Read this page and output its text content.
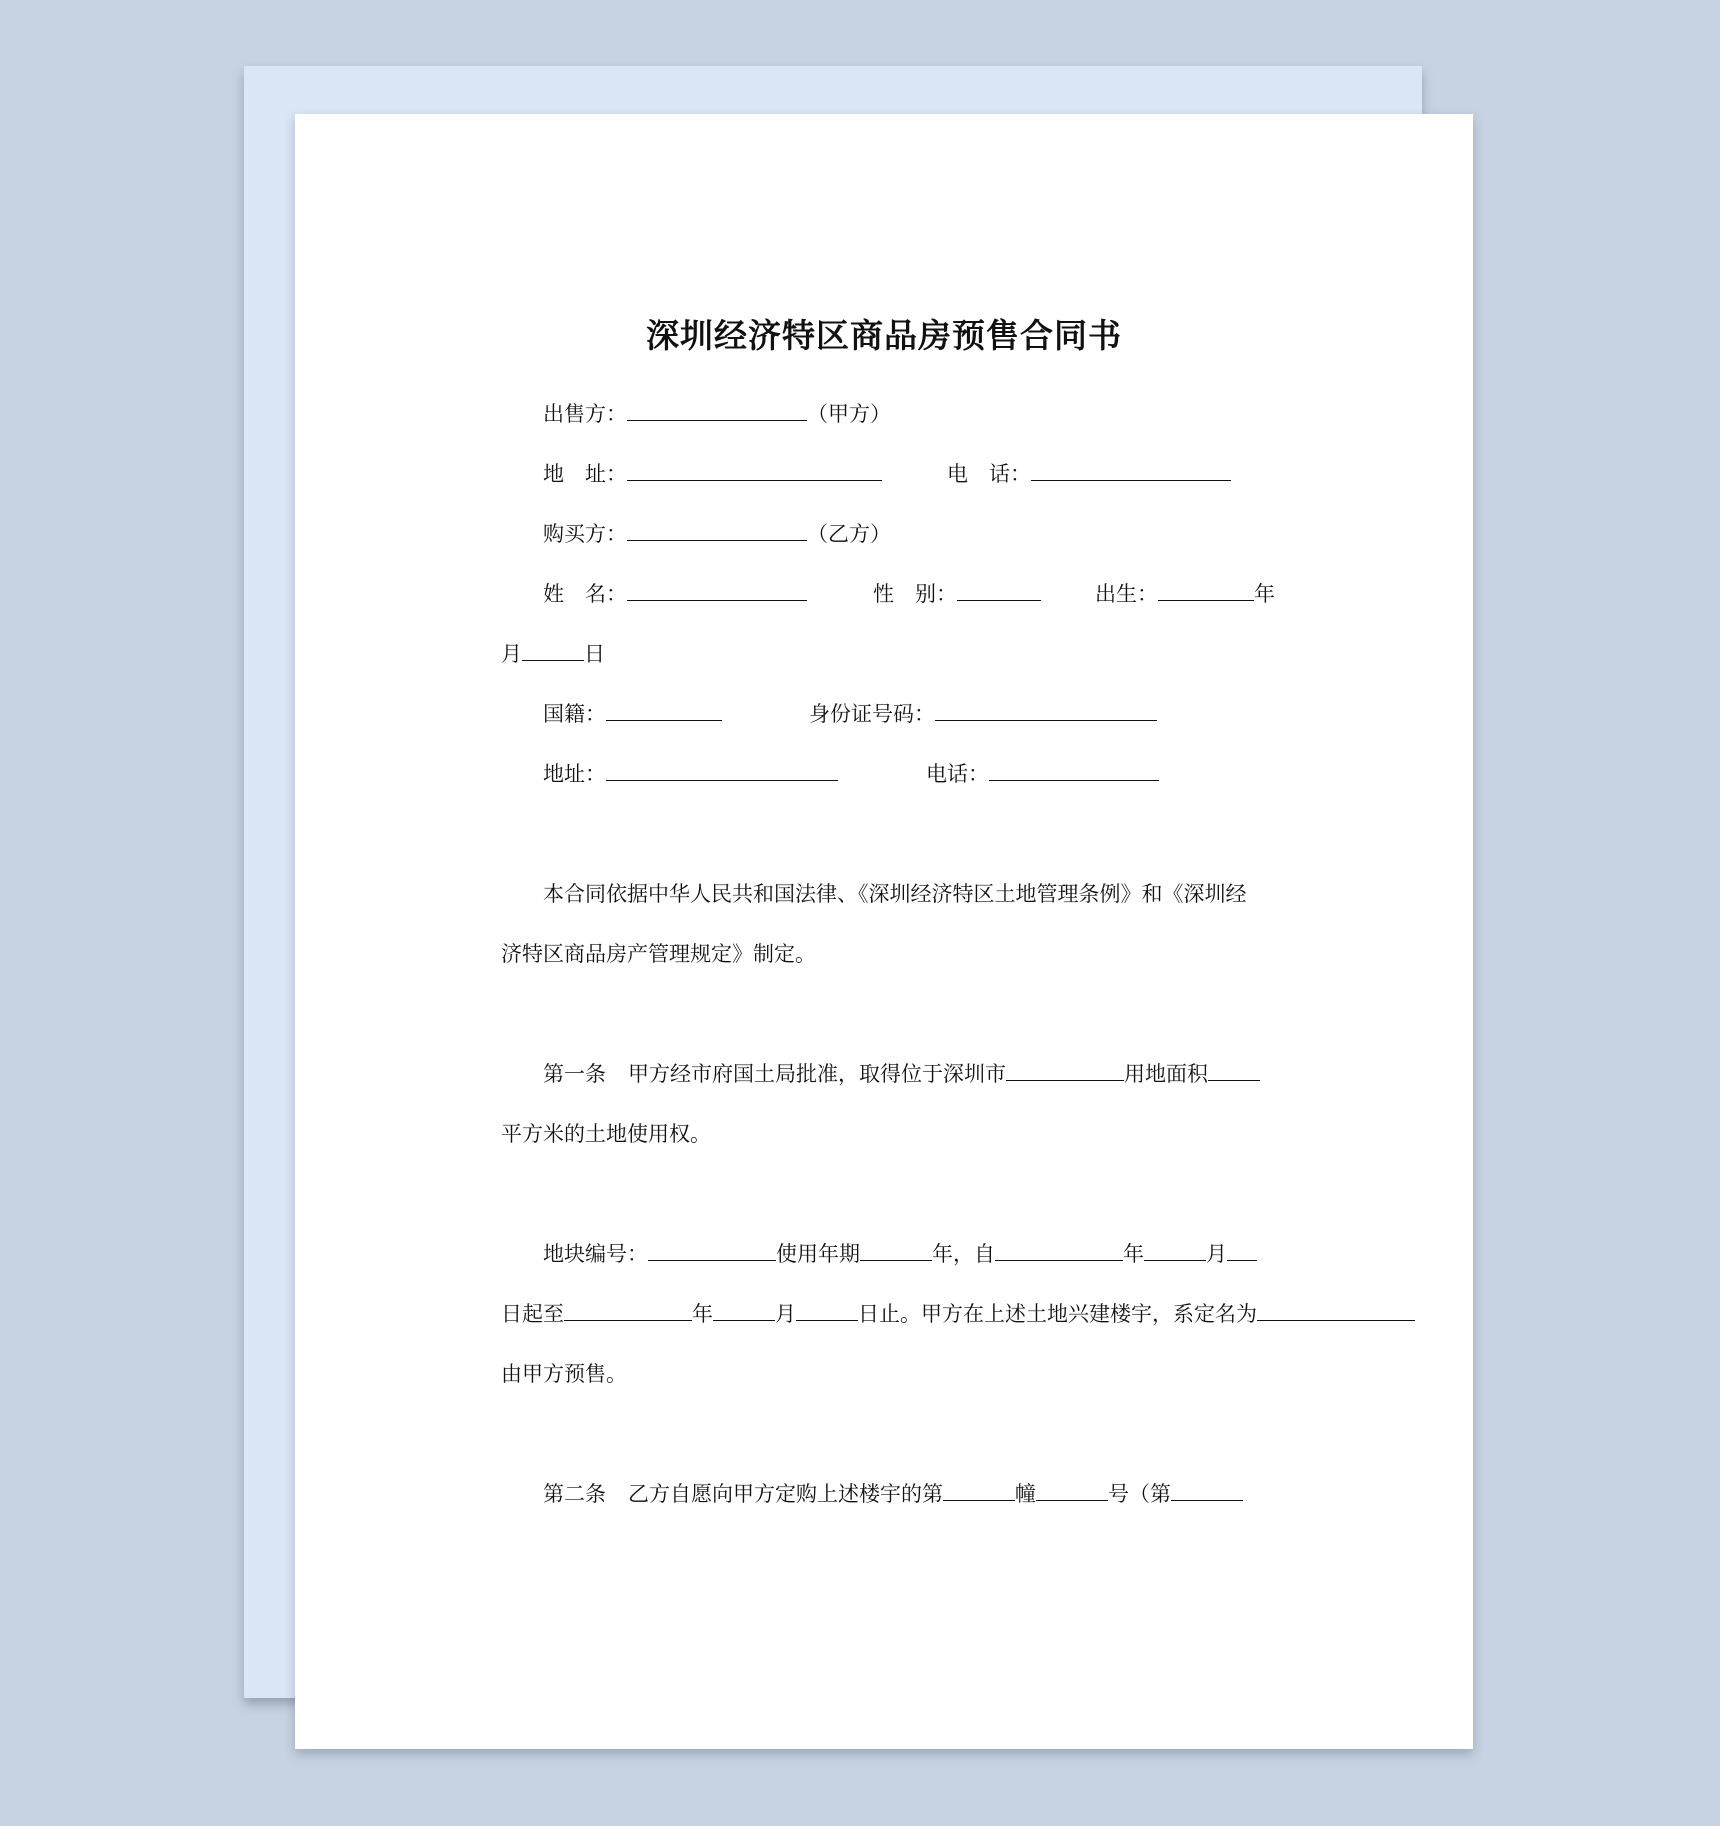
深圳经济特区商品房预售合同书
出售方：	（甲方）
地　址：	电　话：
购买方：	（乙方）
姓　名：	性　别：	出生：	年
月	日
国籍：	身份证号码：
地址：	电话：
本合同依据中华人民共和国法律、《深圳经济特区土地管理条例》和《深圳经
济特区商品房产管理规定》制定。
第一条 甲方经市府国土局批准，取得位于深圳市	用地面积
平方米的土地使用权。
地块编号：	使用年期	年，自	年	月
日起至	年	月	日止。甲方在上述土地兴建楼宇，系定名为
由甲方预售。
第二条 乙方自愿向甲方定购上述楼宇的第	幢	号（第
